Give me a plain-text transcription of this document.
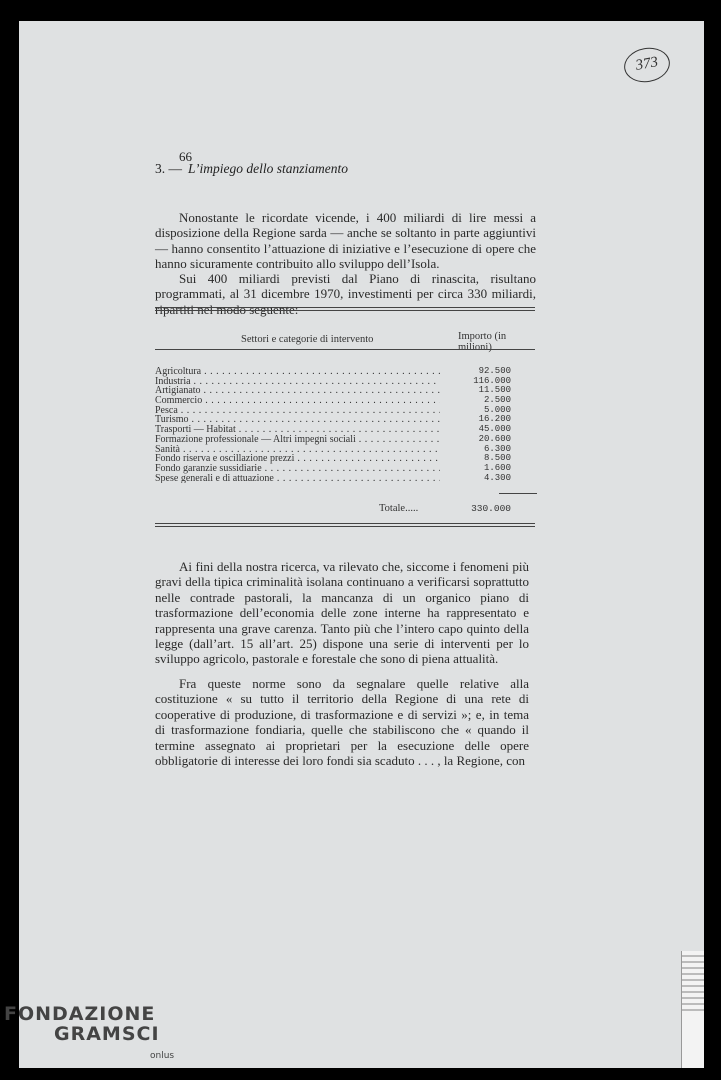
373
66
3. — L’impiego dello stanziamento

Nonostante le ricordate vicende, i 400 miliardi di lire messi a disposizione della Regione sarda — anche se soltanto in parte aggiuntivi — hanno consentito l’attuazione di iniziative e l’esecuzione di opere che hanno sicuramente contribuito allo sviluppo dell’Isola.

Sui 400 miliardi previsti dal Piano di rinascita, risultano programmati, al 31 dicembre 1970, investimenti per circa 330 miliardi, ripartiti nel modo seguente:

Settori e categorie di intervento	Importo (in milioni)
Agricoltura . . .	92.500
Industria . . .	116.000
Artigianato . . .	11.500
Commercio . . .	2.500
Pesca . . .	5.000
Turismo . . .	16.200
Trasporti — Habitat . . .	45.000
Formazione professionale — Altri impegni sociali . . .	20.600
Sanità . . .	6.300
Fondo riserva e oscillazione prezzi . . .	8.500
Fondo garanzie sussidiarie . . .	1.600
Spese generali e di attuazione . . .	4.300
Totale.....	330.000

Ai fini della nostra ricerca, va rilevato che, siccome i fenomeni più gravi della tipica criminalità isolana continuano a verificarsi soprattutto nelle contrade pastorali, la mancanza di un organico piano di trasformazione dell’economia delle zone interne ha rappresentato e rappresenta una grave carenza. Tanto più che l’intero capo quinto della legge (dall’art. 15 all’art. 25) dispone una serie di interventi per lo sviluppo agricolo, pastorale e forestale che sono di piena attualità.

Fra queste norme sono da segnalare quelle relative alla costituzione « su tutto il territorio della Regione di una rete di cooperative di produzione, di trasformazione e di servizi »; e, in tema di trasformazione fondiaria, quelle che stabiliscono che « quando il termine assegnato ai proprietari per la esecuzione delle opere obbligatorie di interesse dei loro fondi sia scaduto . . . , la Regione, con

FONDAZIONE
GRAMSCI
onlus
